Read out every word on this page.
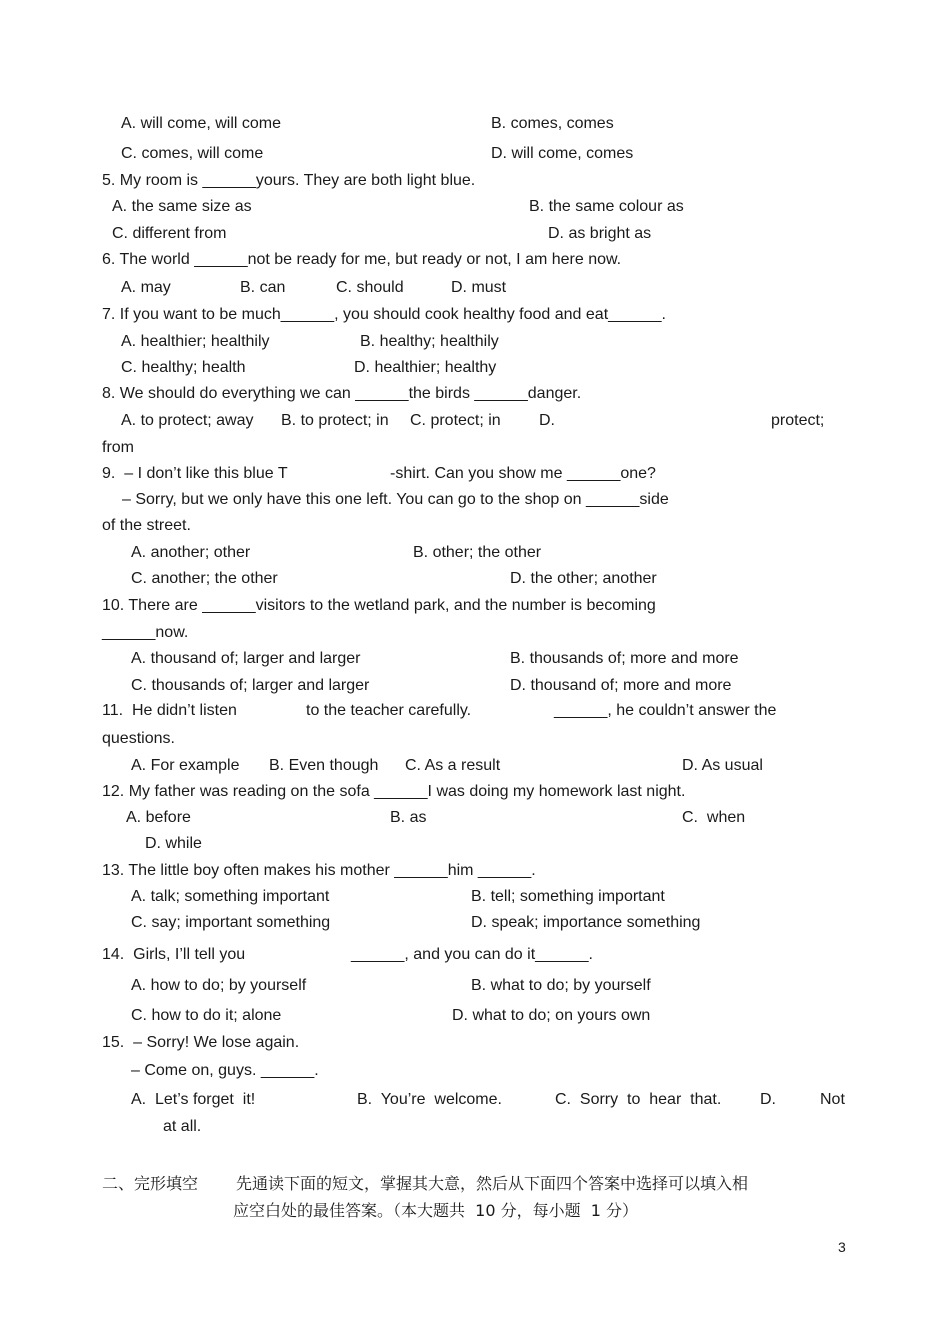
A. will come, will come	B. comes, comes
C. comes, will come	D. will come, comes
5. My room is ______yours. They are both light blue.
A. the same size as	B. the same colour as
C. different from	D. as bright as
6. The world ______not be ready for me, but ready or not, I am here now.
A. may	B. can	C. should	D. must
7. If you want to be much______, you should cook healthy food and eat______.
A. healthier; healthily	B. healthy; healthily
C. healthy; health	D. healthier; healthy
8. We should do everything we can ______the birds ______danger.
A. to protect; away B. to protect; in C. protect; in D.	protect;
from
9.  – I don’t like this blue T	-shirt. Can you show me ______one?
– Sorry, but we only have this one left. You can go to the shop on ______side
of the street.
A. another; other	B. other; the other
C. another; the other	D. the other; another
10. There are ______visitors to the wetland park, and the number is becoming
______now.
A. thousand of; larger and larger	B. thousands of; more and more
C. thousands of; larger and larger	D. thousand of; more and more
11.  He didn’t listen	to the teacher carefully.	______, he couldn’t answer the
questions.
A. For example B. Even though C. As a result	D. As usual
12. My father was reading on the sofa ______I was doing my homework last night.
A. before	B. as	C.  when
D. while
13. The little boy often makes his mother ______him ______.
A. talk; something important	B. tell; something important
C. say; important something	D. speak; importance something
14.  Girls, I’ll tell you	______, and you can do it______.
A. how to do; by yourself	B. what to do; by yourself
C. how to do it; alone	D. what to do; on yours own
15.  – Sorry! We lose again.
– Come on, guys. ______.
A.  Let’s forget  it!	B.  You’re  welcome.	C.  Sorry  to  hear  that. D.	Not
at all.
二、完形填空 先通读下面的短文，掌握其大意，然后从下面四个答案中选择可以填入相
应空白处的最佳答案。（本大题共  10 分，每小题  1 分）
3
